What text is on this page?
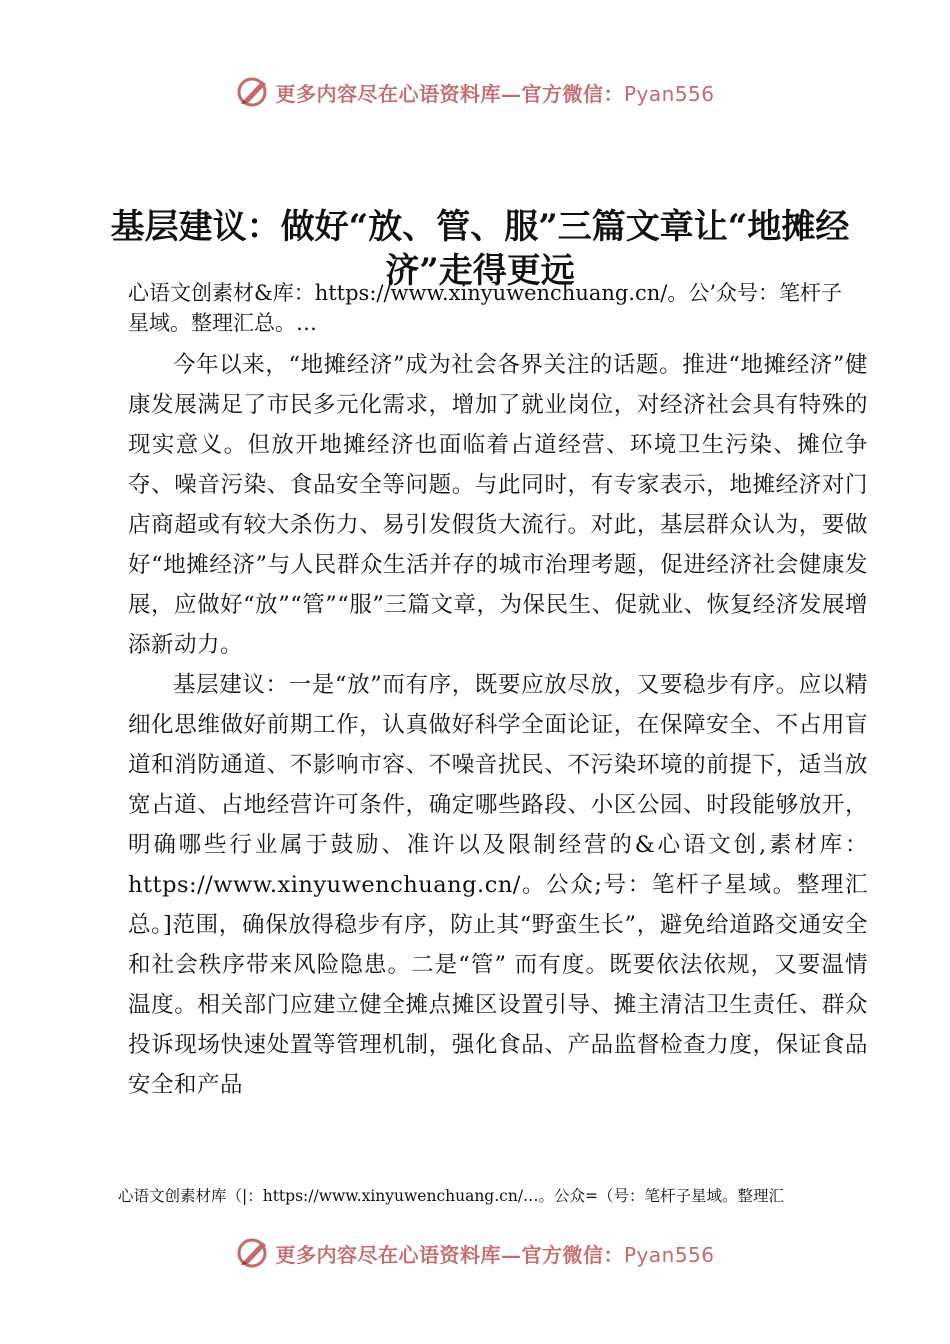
更多内容尽在心语资料库—官方微信：Pyan556
基层建议：做好“放、管、服”三篇文章让“地摊经济”走得更远
心语文创素材&库：https://www.xinyuwenchuang.cn/。公’众号：笔杆子星域。整理汇总。…

今年以来，“地摊经济”成为社会各界关注的话题。推进“地摊经济”健康发展满足了市民多元化需求，增加了就业岗位，对经济社会具有特殊的现实意义。但放开地摊经济也面临着占道经营、环境卫生污染、摊位争夺、噪音污染、食品安全等问题。与此同时，有专家表示，地摊经济对门店商超或有较大杀伤力、易引发假货大流行。对此，基层群众认为，要做好“地摊经济”与人民群众生活并存的城市治理考题，促进经济社会健康发展，应做好“放”“管”“服”三篇文章，为保民生、促就业、恢复经济发展增添新动力。

基层建议：一是“放”而有序，既要应放尽放，又要稳步有序。应以精细化思维做好前期工作，认真做好科学全面论证，在保障安全、不占用盲道和消防通道、不影响市容、不噪音扰民、不污染环境的前提下，适当放宽占道、占地经营许可条件，确定哪些路段、小区公园、时段能够放开，明确哪些行业属于鼓励、准许以及限制经营的&心语文创,素材库：https://www.xinyuwenchuang.cn/。公众;号：笔杆子星域。整理汇总。]范围，确保放得稳步有序，防止其“野蛮生长”，避免给道路交通安全和社会秩序带来风险隐患。二是“管” 而有度。既要依法依规，又要温情温度。相关部门应建立健全摊点摊区设置引导、摊主清洁卫生责任、群众投诉现场快速处置等管理机制，强化食品、产品监督检查力度，保证食品安全和产品

心语文创素材库（|：https://www.xinyuwenchuang.cn/…。公众=（号：笔杆子星域。整理汇
更多内容尽在心语资料库—官方微信：Pyan556
